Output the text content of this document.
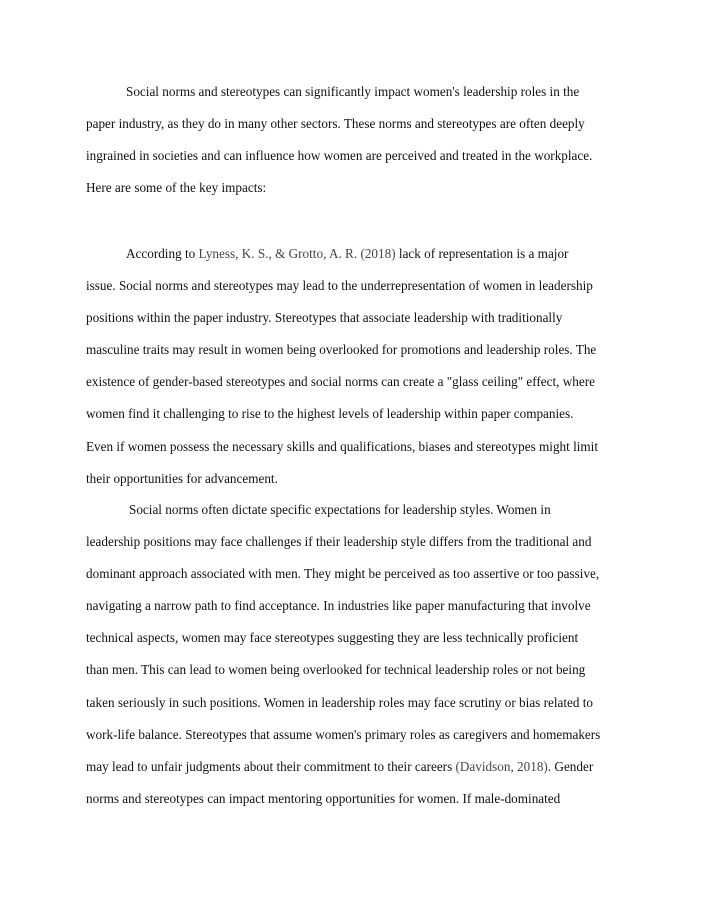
Social norms and stereotypes can significantly impact women's leadership roles in the
paper industry, as they do in many other sectors. These norms and stereotypes are often deeply
ingrained in societies and can influence how women are perceived and treated in the workplace.
Here are some of the key impacts:
According to Lyness, K. S., & Grotto, A. R. (2018) lack of representation is a major
issue. Social norms and stereotypes may lead to the underrepresentation of women in leadership
positions within the paper industry. Stereotypes that associate leadership with traditionally
masculine traits may result in women being overlooked for promotions and leadership roles. The
existence of gender-based stereotypes and social norms can create a "glass ceiling" effect, where
women find it challenging to rise to the highest levels of leadership within paper companies.
Even if women possess the necessary skills and qualifications, biases and stereotypes might limit
their opportunities for advancement.
Social norms often dictate specific expectations for leadership styles. Women in
leadership positions may face challenges if their leadership style differs from the traditional and
dominant approach associated with men. They might be perceived as too assertive or too passive,
navigating a narrow path to find acceptance. In industries like paper manufacturing that involve
technical aspects, women may face stereotypes suggesting they are less technically proficient
than men. This can lead to women being overlooked for technical leadership roles or not being
taken seriously in such positions. Women in leadership roles may face scrutiny or bias related to
work-life balance. Stereotypes that assume women's primary roles as caregivers and homemakers
may lead to unfair judgments about their commitment to their careers (Davidson, 2018). Gender
norms and stereotypes can impact mentoring opportunities for women. If male-dominated
